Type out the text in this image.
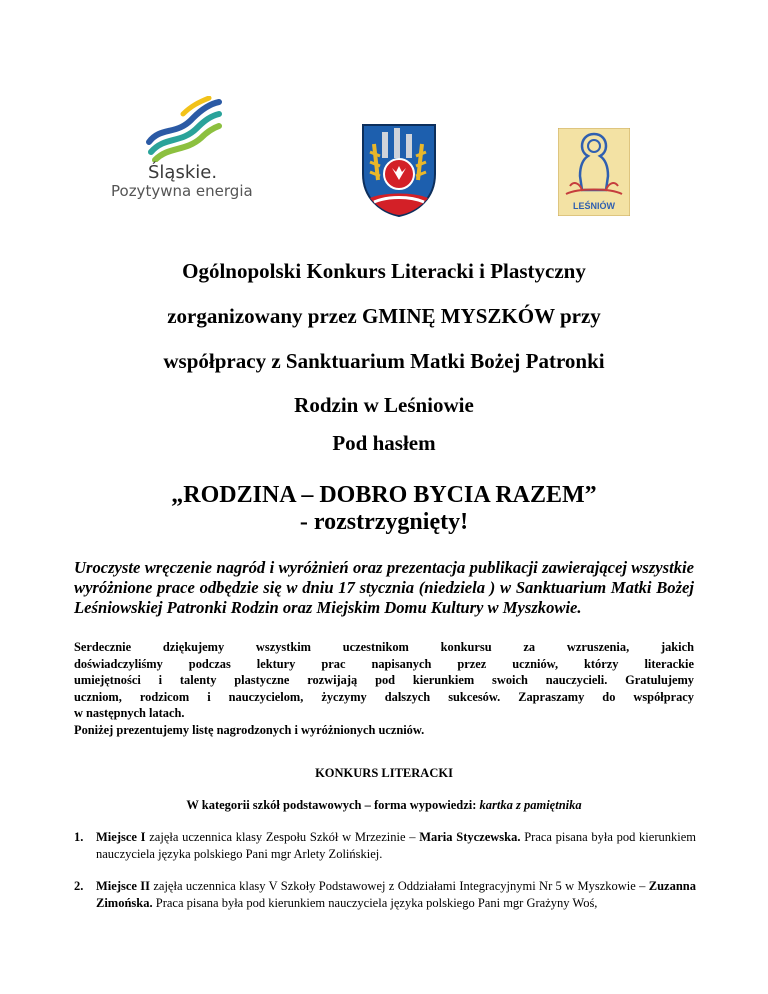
Śląskie.
Pozytywna energia
LEŚNIÓW
Ogólnopolski Konkurs Literacki i Plastyczny
zorganizowany przez GMINĘ MYSZKÓW przy
współpracy z Sanktuarium Matki Bożej Patronki
Rodzin w Leśniowie
Pod hasłem
„RODZINA – DOBRO BYCIA RAZEM”
- rozstrzygnięty!
Uroczyste wręczenie nagród i wyróżnień oraz prezentacja publikacji zawierającej wszystkie wyróżnione prace odbędzie się w dniu 17 stycznia (niedziela ) w Sanktuarium Matki Bożej Leśniowskiej Patronki Rodzin oraz Miejskim Domu Kultury w Myszkowie.
Serdecznie dziękujemy wszystkim uczestnikom konkursu za wzruszenia, jakich
doświadczyliśmy podczas lektury prac napisanych przez uczniów, którzy literackie
umiejętności i talenty plastyczne rozwijają pod kierunkiem swoich nauczycieli. Gratulujemy
uczniom, rodzicom i nauczycielom, życzymy dalszych sukcesów. Zapraszamy do współpracy
w następnych latach.
Poniżej prezentujemy listę nagrodzonych i wyróżnionych uczniów.
KONKURS LITERACKI
W kategorii szkół podstawowych – forma wypowiedzi: kartka z pamiętnika
1. Miejsce I zajęła uczennica klasy Zespołu Szkół w Mrzezinie – Maria Styczewska. Praca pisana była pod kierunkiem nauczyciela języka polskiego Pani mgr Arlety Zolińskiej.
2. Miejsce II zajęła uczennica klasy V Szkoły Podstawowej z Oddziałami Integracyjnymi Nr 5 w Myszkowie – Zuzanna Zimońska. Praca pisana była pod kierunkiem nauczyciela języka polskiego Pani mgr Grażyny Woś,
